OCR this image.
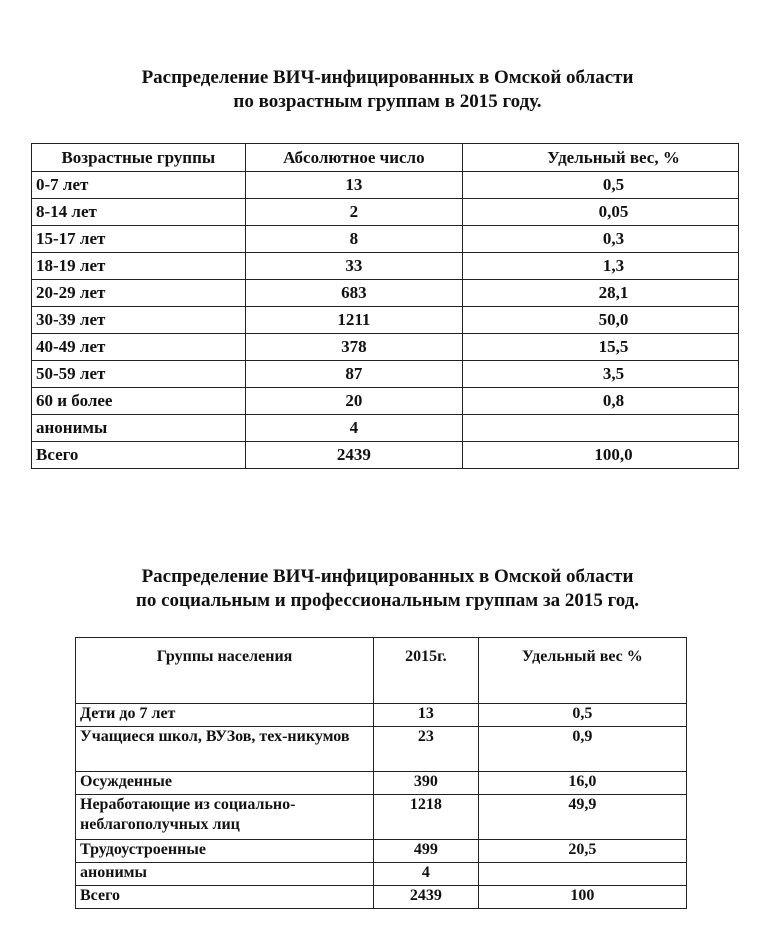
Распределение ВИЧ-инфицированных в Омской области
по возрастным группам в 2015 году.
Возрастные группы	Абсолютное число	Удельный вес, %
0-7 лет	13	0,5
8-14 лет	2	0,05
15-17 лет	8	0,3
18-19 лет	33	1,3
20-29 лет	683	28,1
30-39 лет	1211	50,0
40-49 лет	378	15,5
50-59 лет	87	3,5
60 и более	20	0,8
анонимы	4	
Всего	2439	100,0
Распределение ВИЧ-инфицированных в Омской области
по социальным и профессиональным группам за 2015 год.
Группы населения	2015г.	Удельный вес %
Дети до 7 лет	13	0,5
Учащиеся школ, ВУЗов, тех-никумов	23	0,9
Осужденные	390	16,0
Неработающие из социально-неблагополучных лиц	1218	49,9
Трудоустроенные	499	20,5
анонимы	4	
Всего	2439	100
